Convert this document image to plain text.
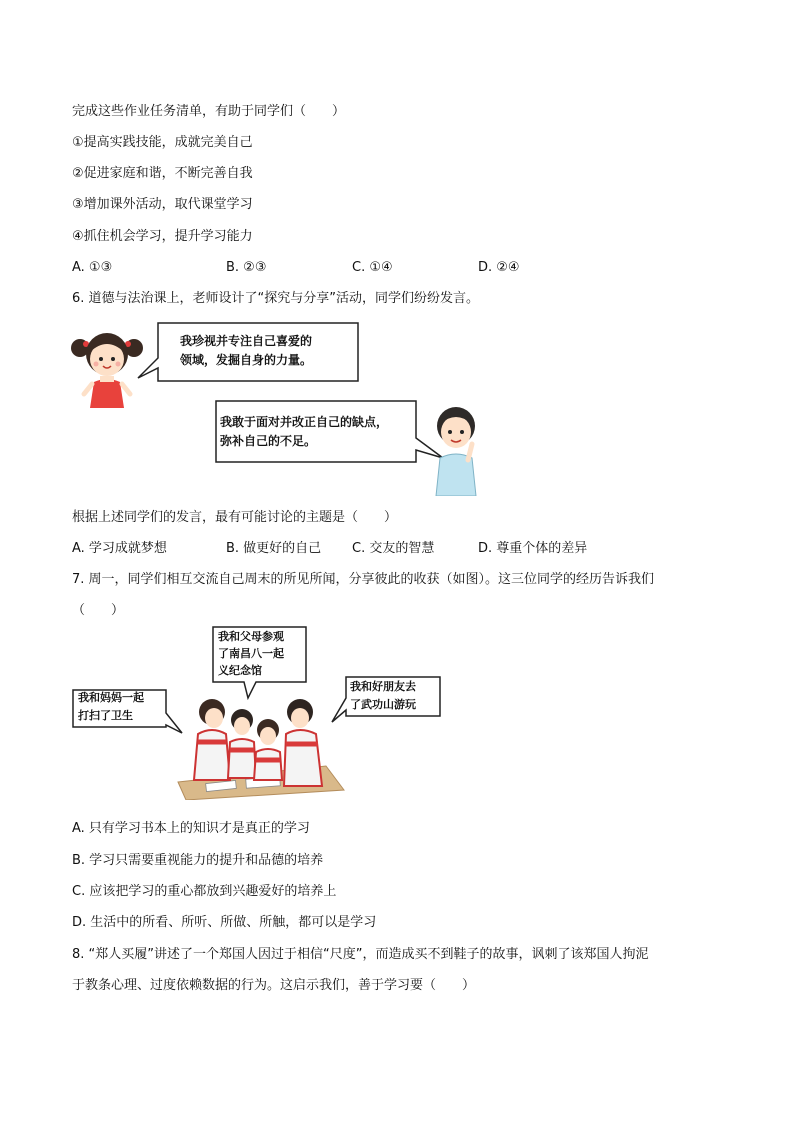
完成这些作业任务清单，有助于同学们（　　）
①提高实践技能，成就完美自己
②促进家庭和谐，不断完善自我
③增加课外活动，取代课堂学习
④抓住机会学习，提升学习能力
A. ①③	B. ②③	C. ①④	D. ②④
6. 道德与法治课上，老师设计了“探究与分享”活动，同学们纷纷发言。
我珍视并专注自己喜爱的
领域，发掘自身的力量。
我敢于面对并改正自己的缺点，
弥补自己的不足。
根据上述同学们的发言，最有可能讨论的主题是（　　）
A. 学习成就梦想	B. 做更好的自己 C. 交友的智慧	D. 尊重个体的差异
7. 周一，同学们相互交流自己周末的所见所闻，分享彼此的收获（如图）。这三位同学的经历告诉我们
（　　）
我和妈妈一起
打扫了卫生
我和父母参观
了南昌八一起
义纪念馆
我和好朋友去
了武功山游玩
A. 只有学习书本上的知识才是真正的学习
B. 学习只需要重视能力的提升和品德的培养
C. 应该把学习的重心都放到兴趣爱好的培养上
D. 生活中的所看、所听、所做、所触，都可以是学习
8. “郑人买履”讲述了一个郑国人因过于相信“尺度”，而造成买不到鞋子的故事，讽刺了该郑国人拘泥
于教条心理、过度依赖数据的行为。这启示我们，善于学习要（　　）
